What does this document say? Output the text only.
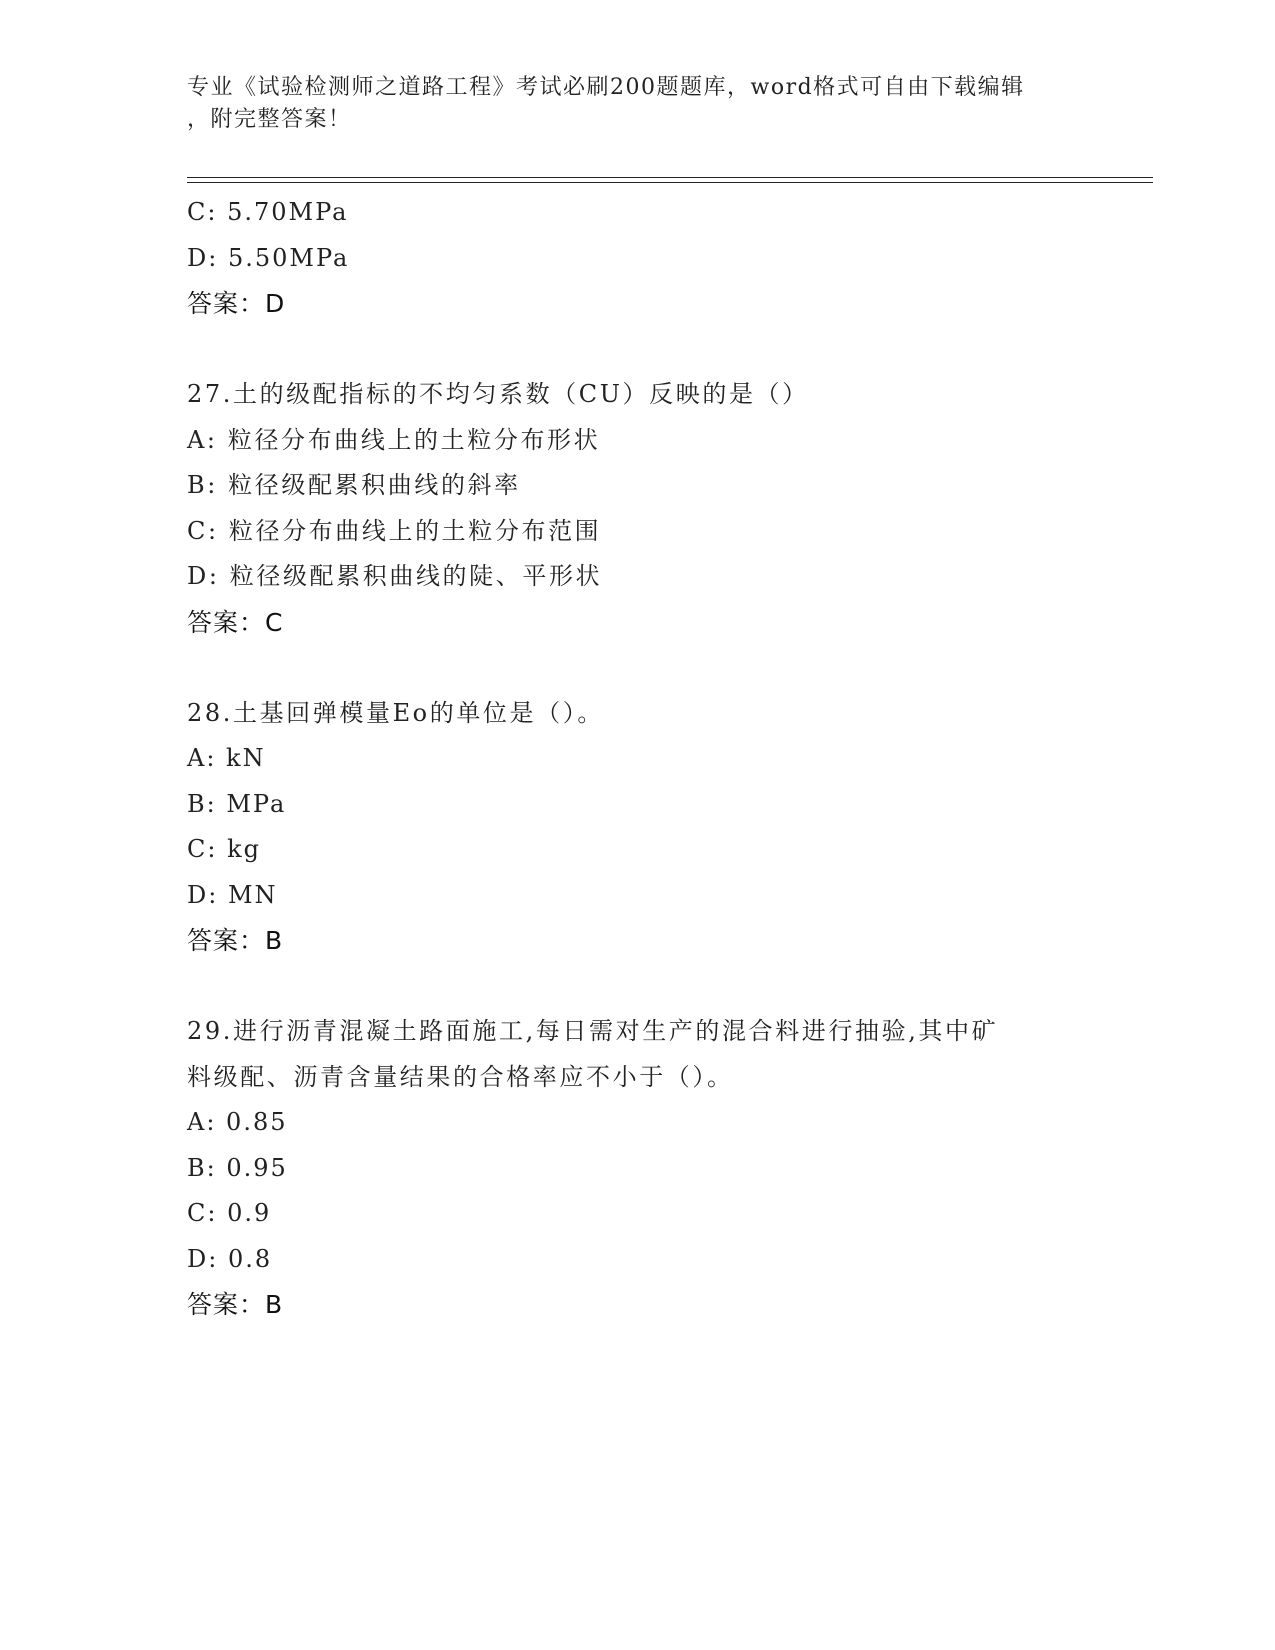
专业《试验检测师之道路工程》考试必刷200题题库，word格式可自由下载编辑
，附完整答案！
C: 5.70MPa
D: 5.50MPa
答案：D
27.土的级配指标的不均匀系数（CU）反映的是（）
A: 粒径分布曲线上的土粒分布形状
B: 粒径级配累积曲线的斜率
C: 粒径分布曲线上的土粒分布范围
D: 粒径级配累积曲线的陡、平形状
答案：C
28.土基回弹模量Eo的单位是（）。
A: kN
B: MPa
C: kg
D: MN
答案：B
29.进行沥青混凝土路面施工,每日需对生产的混合料进行抽验,其中矿
料级配、沥青含量结果的合格率应不小于（）。
A: 0.85
B: 0.95
C: 0.9
D: 0.8
答案：B
